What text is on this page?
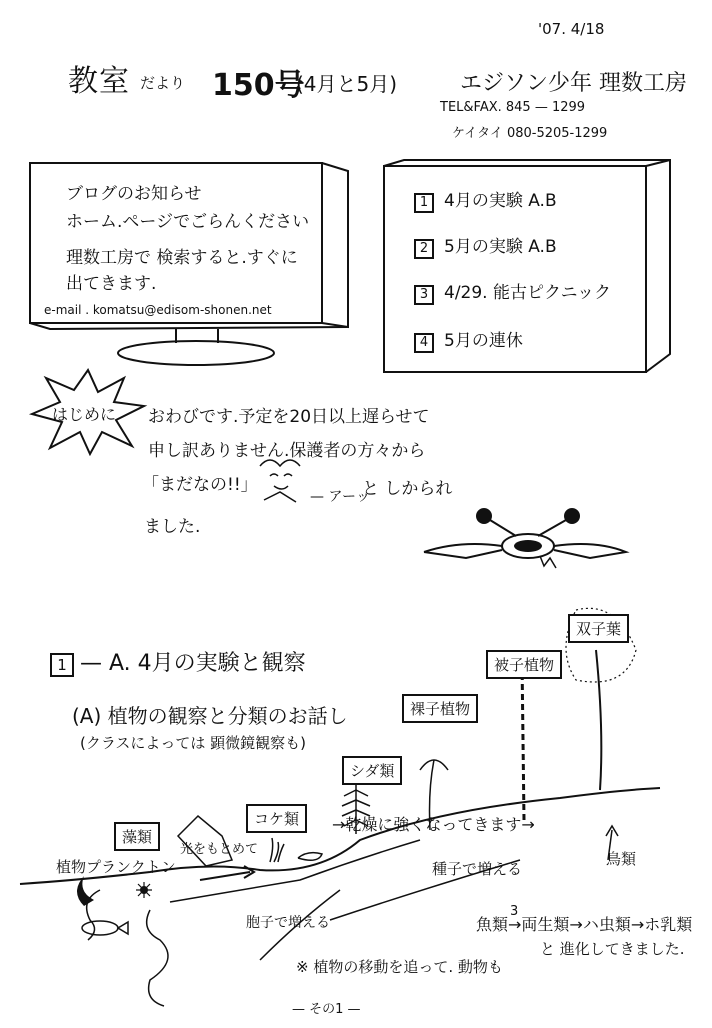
'07. 4/18
教室 だより 150号
(4月と5月)	エジソン少年 理数工房
TEL&FAX. 845 — 1299
ケイタイ 080-5205-1299
ブログのお知らせ
ホーム.ページでごらんください
理数工房で 検索すると.すぐに
出てきます.
e-mail . komatsu@edisom-shonen.net
1 4月の実験 A.B
2 5月の実験 A.B
3 4/29. 能古ピクニック
4 5月の連休
はじめに おわびです.予定を20日以上遅らせて
申し訳ありません.保護者の方々から
「まだなの!!」
— アーッ
と しかられ
ました.
1 — A. 4月の実験と観察
(A) 植物の観察と分類のお話し
(クラスによっては 顕微鏡観察も)
藻類
コケ類
シダ類
裸子植物
被子植物
双子葉
植物プランクトン
光をもとめて
→乾燥に強くなってきます→
胞子で増える
種子で増える
3
※ 植物の移動を追って. 動物も
魚類→両生類→ハ虫類→ホ乳類
と 進化してきました.
鳥類
— その1 —
